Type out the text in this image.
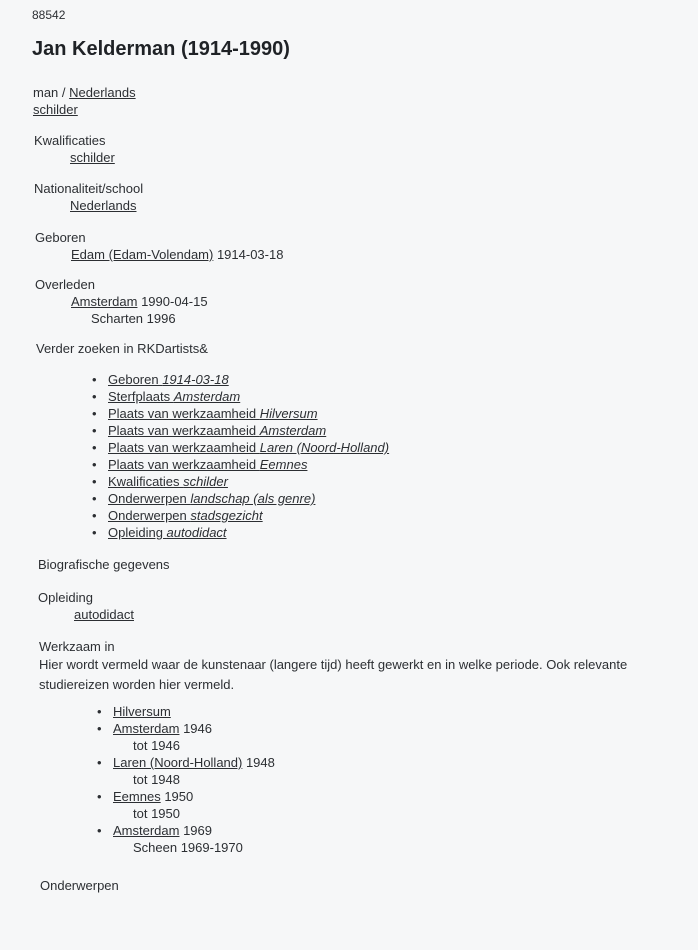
88542
Jan Kelderman (1914-1990)
man / Nederlands
schilder
Kwalificaties
schilder
Nationaliteit/school
Nederlands
Geboren
Edam (Edam-Volendam) 1914-03-18
Overleden
Amsterdam 1990-04-15
Scharten 1996
Verder zoeken in RKDartists&
• Geboren 1914-03-18
• Sterfplaats Amsterdam
• Plaats van werkzaamheid Hilversum
• Plaats van werkzaamheid Amsterdam
• Plaats van werkzaamheid Laren (Noord-Holland)
• Plaats van werkzaamheid Eemnes
• Kwalificaties schilder
• Onderwerpen landschap (als genre)
• Onderwerpen stadsgezicht
• Opleiding autodidact
Biografische gegevens
Opleiding
autodidact
Werkzaam in
Hier wordt vermeld waar de kunstenaar (langere tijd) heeft gewerkt en in welke periode. Ook relevante studiereizen worden hier vermeld.
• Hilversum
• Amsterdam 1946
tot 1946
• Laren (Noord-Holland) 1948
tot 1948
• Eemnes 1950
tot 1950
• Amsterdam 1969
Scheen 1969-1970
Onderwerpen
